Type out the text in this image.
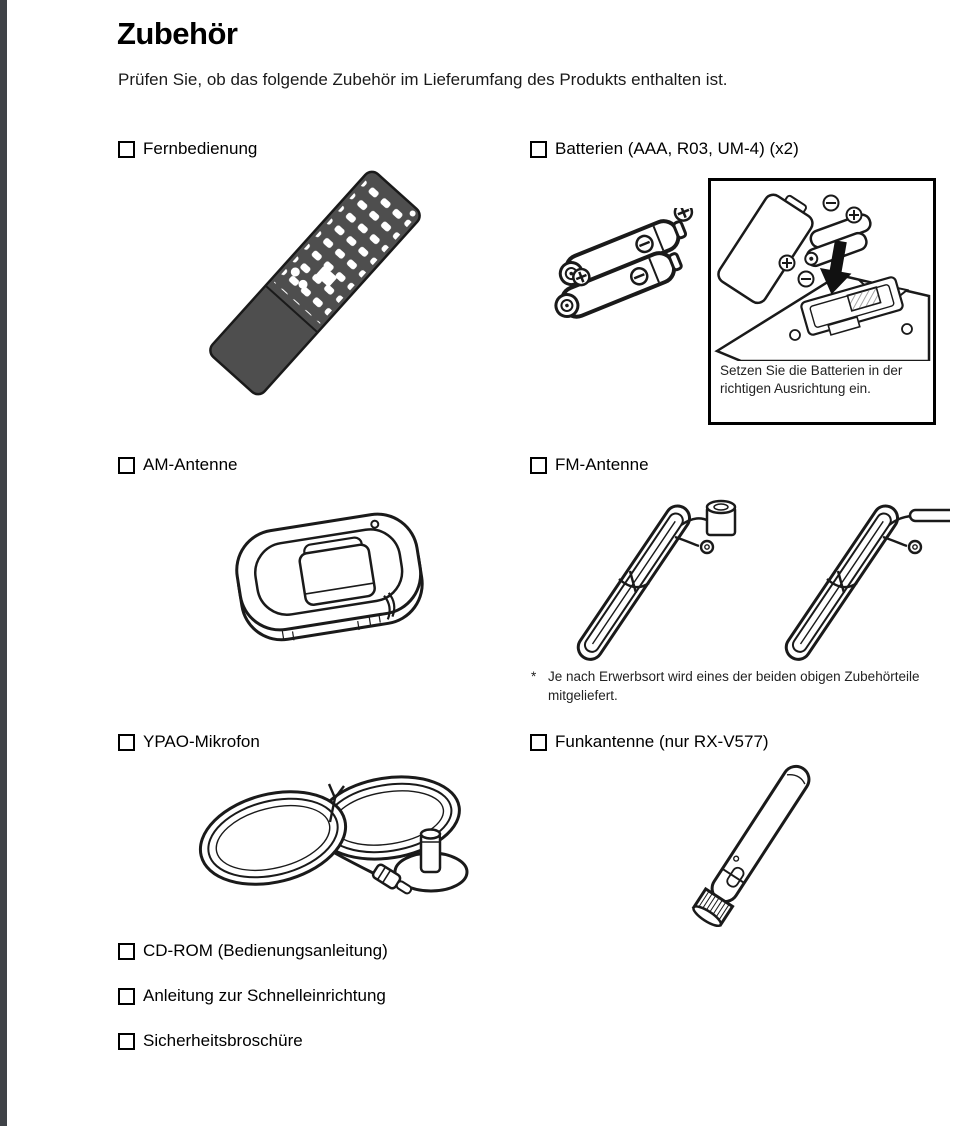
Zubehör

Prüfen Sie, ob das folgende Zubehör im Lieferumfang des Produkts enthalten ist.

Fernbedienung	Batterien (AAA, R03, UM-4) (x2)
AM-Antenne	FM-Antenne
YPAO-Mikrofon	Funkantenne (nur RX-V577)
CD-ROM (Bedienungsanleitung)
Anleitung zur Schnelleinrichtung
Sicherheitsbroschüre

Setzen Sie die Batterien in der richtigen Ausrichtung ein.

* Je nach Erwerbsort wird eines der beiden obigen Zubehörteile mitgeliefert.
